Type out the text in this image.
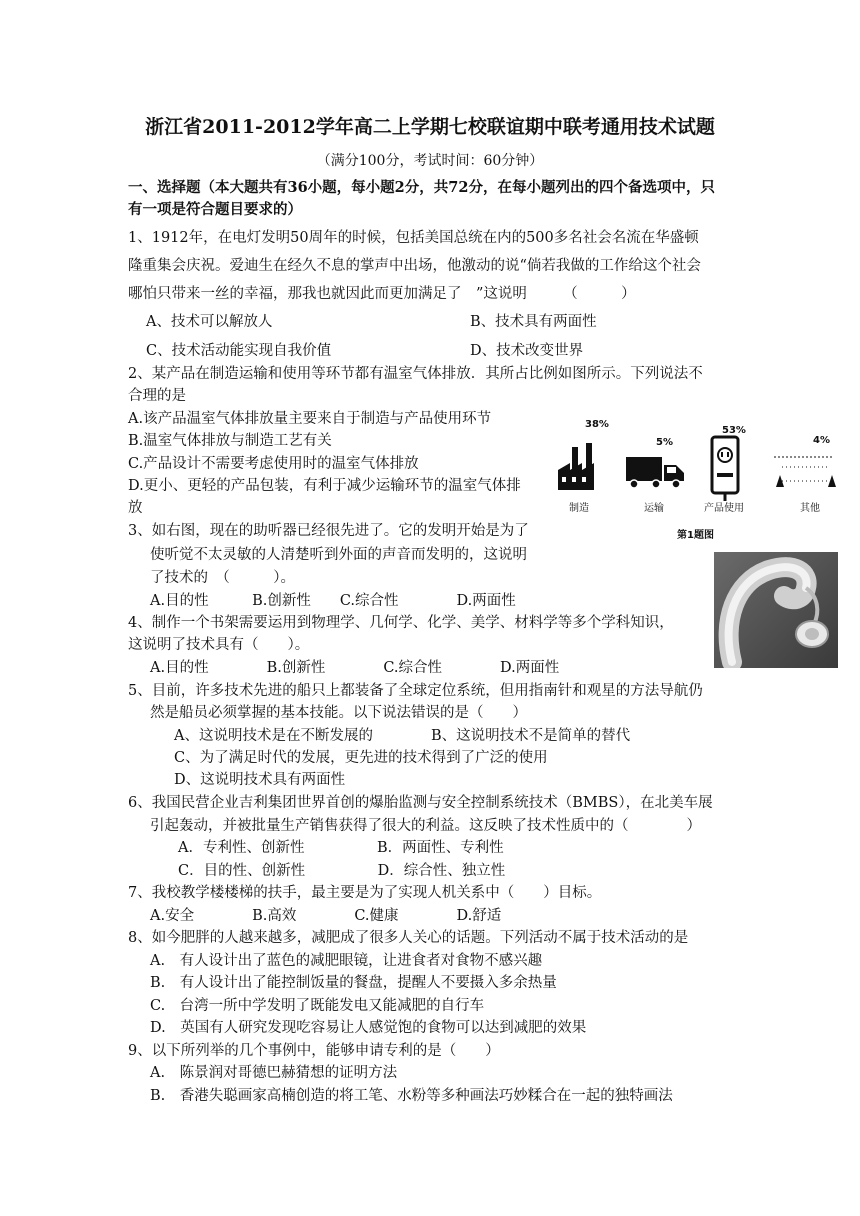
浙江省2011-2012学年高二上学期七校联谊期中联考通用技术试题
（满分100分，考试时间：60分钟）
一、选择题（本大题共有36小题，每小题2分，共72分，在每小题列出的四个备选项中，只
有一项是符合题目要求的）
1、1912年，在电灯发明50周年的时候，包括美国总统在内的500多名社会名流在华盛顿
隆重集会庆祝。爱迪生在经久不息的掌声中出场，他激动的说“倘若我做的工作给这个社会
哪怕只带来一丝的幸福，那我也就因此而更加满足了　”这说明　　　（　　　）
A、技术可以解放人	B、技术具有两面性
C、技术活动能实现自我价值	D、技术改变世界
2、某产品在制造运输和使用等环节都有温室气体排放．其所占比例如图所示。下列说法不
合理的是
A.该产品温室气体排放量主要来自于制造与产品使用环节
B.温室气体排放与制造工艺有关
C.产品设计不需要考虑使用时的温室气体排放
D.更小、更轻的产品包装，有利于减少运输环节的温室气体排
放
38%
5%
53%
4%
制造	运输	产品使用	其他
第1题图
3、如右图，现在的助听器已经很先进了。它的发明开始是为了
使听觉不太灵敏的人清楚听到外面的声音而发明的，这说明
了技术的　（　　　）。
A.目的性　　　B.创新性　　C.综合性　　　　D.两面性
4、制作一个书架需要运用到物理学、几何学、化学、美学、材料学等多个学科知识，
这说明了技术具有（　　）。
A.目的性　　　　B.创新性　　　　C.综合性　　　　D.两面性
5、目前，许多技术先进的船只上都装备了全球定位系统，但用指南针和观星的方法导航仍
然是船员必须掌握的基本技能。以下说法错误的是（　　）
A、这说明技术是在不断发展的　　　　B、这说明技术不是简单的替代
C、为了满足时代的发展，更先进的技术得到了广泛的使用
D、这说明技术具有两面性
6、我国民营企业吉利集团世界首创的爆胎监测与安全控制系统技术（BMBS），在北美车展
引起轰动，并被批量生产销售获得了很大的利益。这反映了技术性质中的（　　　　）
A．专利性、创新性　　　　　B．两面性、专利性
C．目的性、创新性　　　　　D．综合性、独立性
7、我校教学楼楼梯的扶手，最主要是为了实现人机关系中（　　）目标。
A.安全　　　　B.高效　　　　C.健康　　　　D.舒适
8、如今肥胖的人越来越多，减肥成了很多人关心的话题。下列活动不属于技术活动的是
A.　有人设计出了蓝色的减肥眼镜，让进食者对食物不感兴趣
B.　有人设计出了能控制饭量的餐盘，提醒人不要摄入多余热量
C.　台湾一所中学发明了既能发电又能减肥的自行车
D.　英国有人研究发现吃容易让人感觉饱的食物可以达到减肥的效果
9、以下所列举的几个事例中，能够申请专利的是（　　）
A.　陈景润对哥德巴赫猜想的证明方法
B.　香港失聪画家高楠创造的将工笔、水粉等多种画法巧妙糅合在一起的独特画法
